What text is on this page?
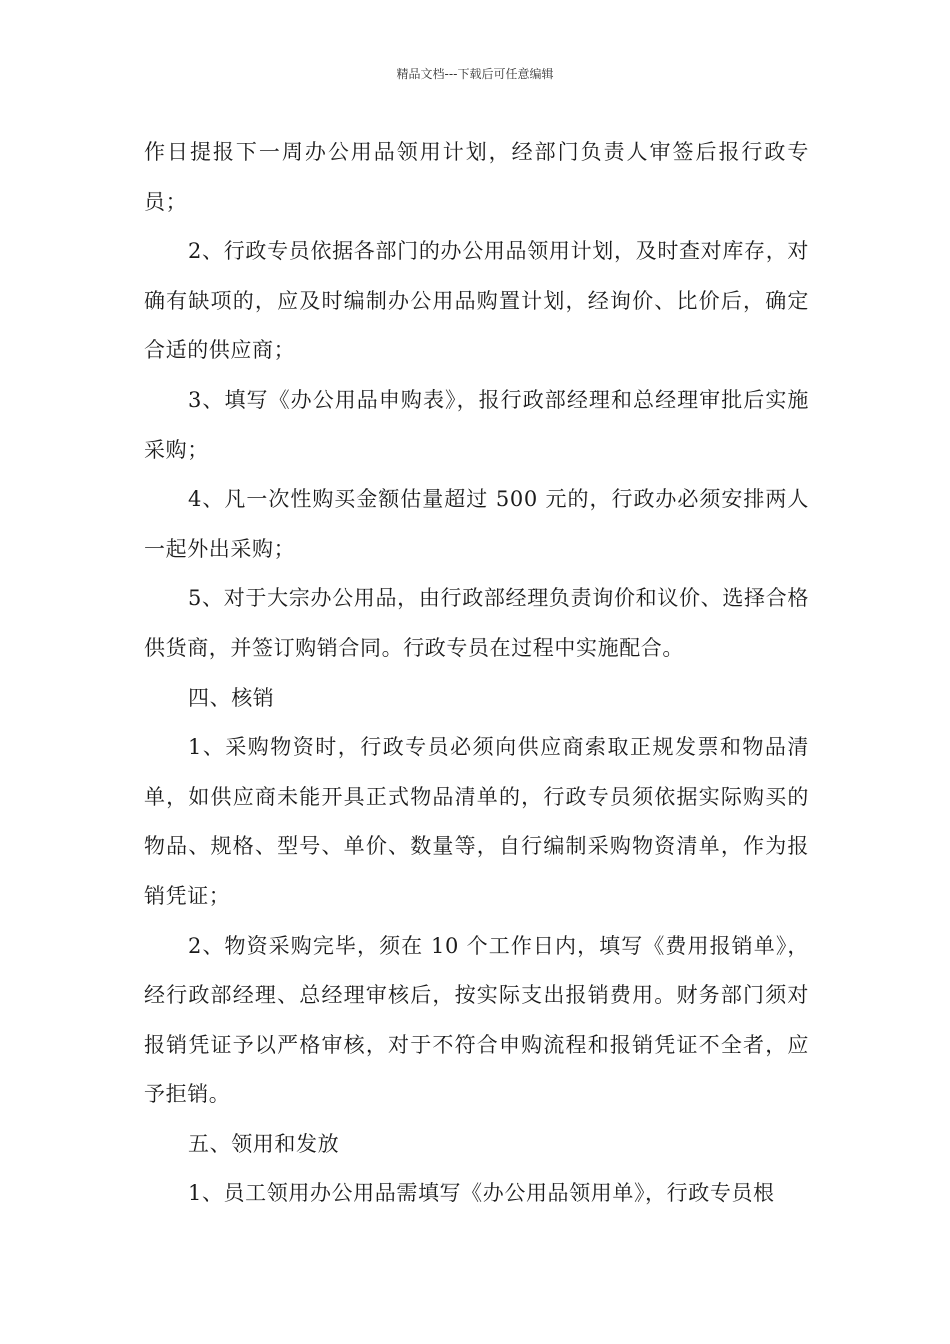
精品文档---下载后可任意编辑

作日提报下一周办公用品领用计划，经部门负责人审签后报行政专员；

2、行政专员依据各部门的办公用品领用计划，及时查对库存，对确有缺项的，应及时编制办公用品购置计划，经询价、比价后，确定合适的供应商；

3、填写《办公用品申购表》，报行政部经理和总经理审批后实施采购；

4、凡一次性购买金额估量超过 500 元的，行政办必须安排两人一起外出采购；

5、对于大宗办公用品，由行政部经理负责询价和议价、选择合格供货商，并签订购销合同。行政专员在过程中实施配合。

四、核销

1、采购物资时，行政专员必须向供应商索取正规发票和物品清单，如供应商未能开具正式物品清单的，行政专员须依据实际购买的物品、规格、型号、单价、数量等，自行编制采购物资清单，作为报销凭证；

2、物资采购完毕，须在 10 个工作日内，填写《费用报销单》，经行政部经理、总经理审核后，按实际支出报销费用。财务部门须对报销凭证予以严格审核，对于不符合申购流程和报销凭证不全者，应予拒销。

五、领用和发放

1、员工领用办公用品需填写《办公用品领用单》，行政专员根
